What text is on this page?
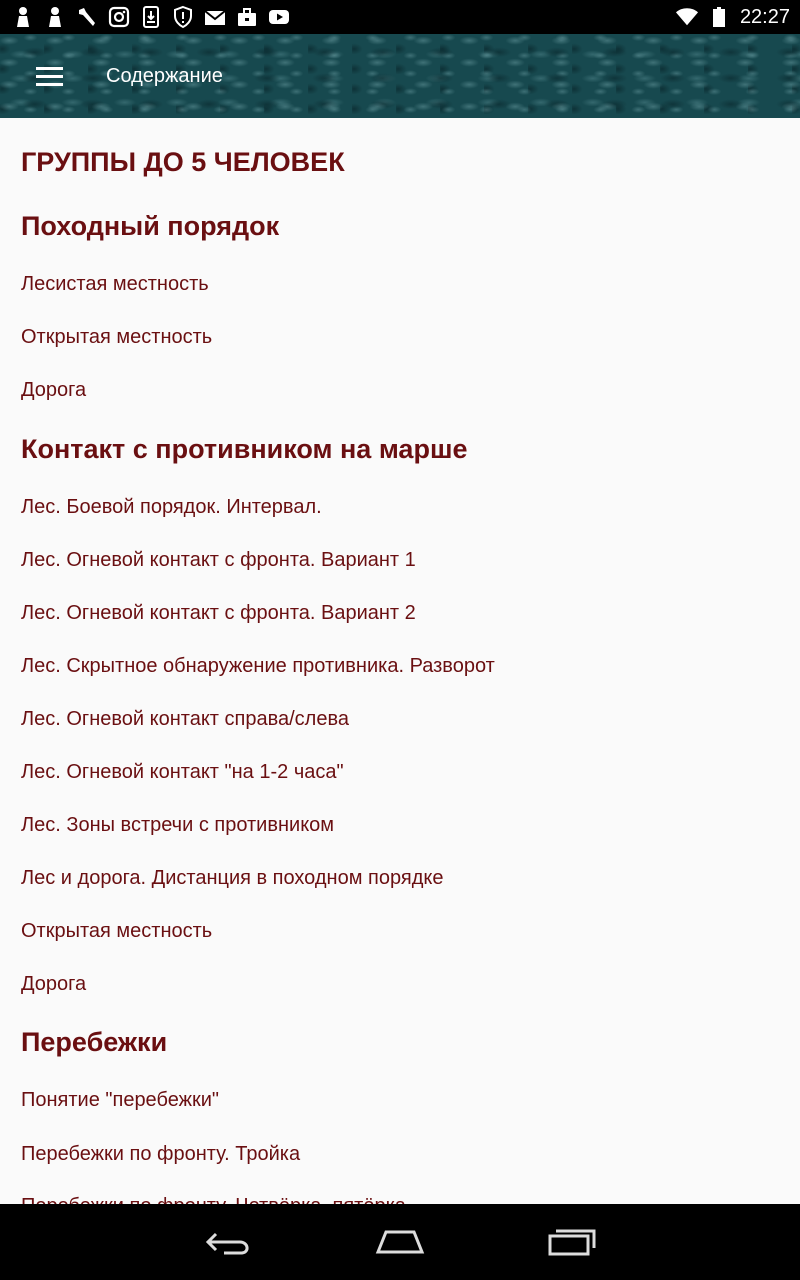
22:27
Содержание
ГРУППЫ ДО 5 ЧЕЛОВЕК
Походный порядок
Лесистая местность
Открытая местность
Дорога
Контакт с противником на марше
Лес. Боевой порядок. Интервал.
Лес. Огневой контакт с фронта. Вариант 1
Лес. Огневой контакт с фронта. Вариант 2
Лес. Скрытное обнаружение противника. Разворот
Лес. Огневой контакт справа/слева
Лес. Огневой контакт "на 1-2 часа"
Лес. Зоны встречи с противником
Лес и дорога. Дистанция в походном порядке
Открытая местность
Дорога
Перебежки
Понятие "перебежки"
Перебежки по фронту. Тройка
